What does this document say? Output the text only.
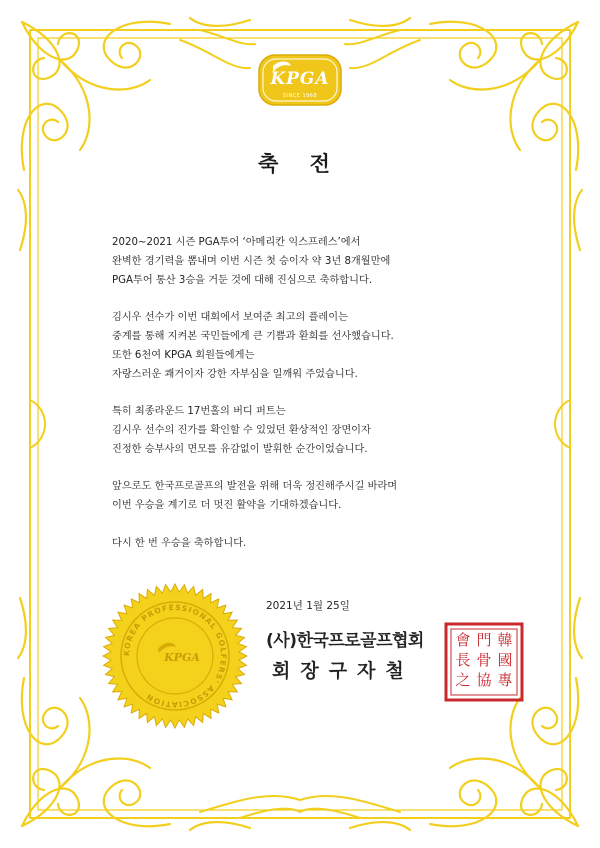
KPGA
SINCE 1968
축 전
2020~2021 시즌 PGA투어 ‘아메리칸 익스프레스’에서
완벽한 경기력을 뽐내며 이번 시즌 첫 승이자 약 3년 8개월만에
PGA투어 통산 3승을 거둔 것에 대해 진심으로 축하합니다.
김시우 선수가 이번 대회에서 보여준 최고의 플레이는
중계를 통해 지켜본 국민들에게 큰 기쁨과 환희를 선사했습니다.
또한 6천여 KPGA 회원들에게는
자랑스러운 쾌거이자 강한 자부심을 일깨워 주었습니다.
특히 최종라운드 17번홀의 버디 퍼트는
김시우 선수의 진가를 확인할 수 있었던 환상적인 장면이자
진정한 승부사의 면모를 유감없이 발휘한 순간이었습니다.
앞으로도 한국프로골프의 발전을 위해 더욱 정진해주시길 바라며
이번 우승을 계기로 더 멋진 활약을 기대하겠습니다.
다시 한 번 우승을 축하합니다.
KOREA PROFESSIONAL GOLFERS' ASSOCIATION
KPGA
2021년 1월 25일
(사)한국프로골프협회
회장구자철
韓
國
專
門
骨
協
會
長
之
